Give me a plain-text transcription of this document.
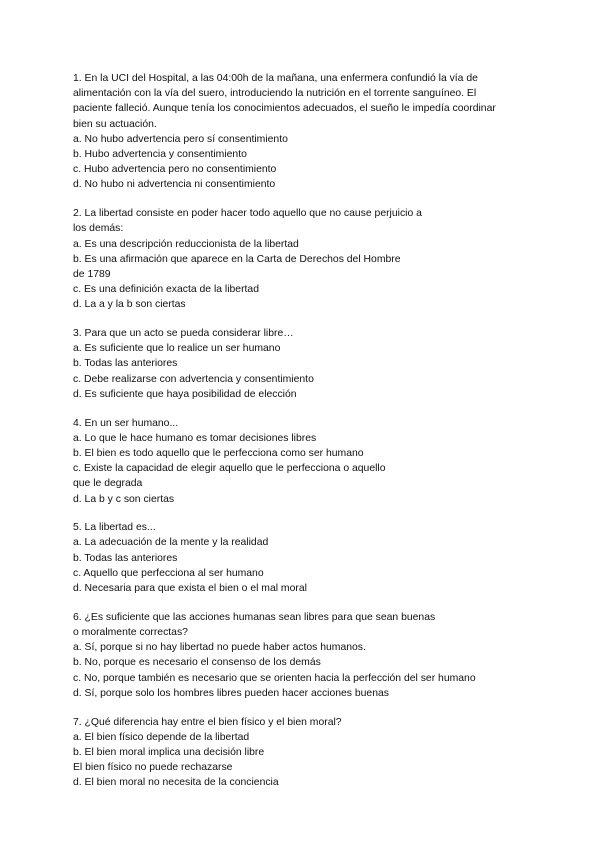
1. En la UCI del Hospital, a las 04:00h de la mañana, una enfermera confundió la vía de

alimentación con la vía del suero, introduciendo la nutrición en el torrente sanguíneo. El

paciente falleció. Aunque tenía los conocimientos adecuados, el sueño le impedía coordinar

bien su actuación.

a. No hubo advertencia pero sí consentimiento

b. Hubo advertencia y consentimiento

c. Hubo advertencia pero no consentimiento

d. No hubo ni advertencia ni consentimiento

2. La libertad consiste en poder hacer todo aquello que no cause perjuicio a

los demás:

a. Es una descripción reduccionista de la libertad

b. Es una afirmación que aparece en la Carta de Derechos del Hombre

de 1789

c. Es una definición exacta de la libertad

d. La a y la b son ciertas

3. Para que un acto se pueda considerar libre…

a. Es suficiente que lo realice un ser humano

b. Todas las anteriores

c. Debe realizarse con advertencia y consentimiento

d. Es suficiente que haya posibilidad de elección

4. En un ser humano...

a. Lo que le hace humano es tomar decisiones libres

b. El bien es todo aquello que le perfecciona como ser humano

c. Existe la capacidad de elegir aquello que le perfecciona o aquello

que le degrada

d. La b y c son ciertas

5. La libertad es...

a. La adecuación de la mente y la realidad

b. Todas las anteriores

c. Aquello que perfecciona al ser humano

d. Necesaria para que exista el bien o el mal moral

6. ¿Es suficiente que las acciones humanas sean libres para que sean buenas

o moralmente correctas?

a. Sí, porque si no hay libertad no puede haber actos humanos.

b. No, porque es necesario el consenso de los demás

c. No, porque también es necesario que se orienten hacia la perfección del ser humano

d. Sí, porque solo los hombres libres pueden hacer acciones buenas

7. ¿Qué diferencia hay entre el bien físico y el bien moral?

a. El bien físico depende de la libertad

b. El bien moral implica una decisión libre

El bien físico no puede rechazarse

d. El bien moral no necesita de la conciencia
